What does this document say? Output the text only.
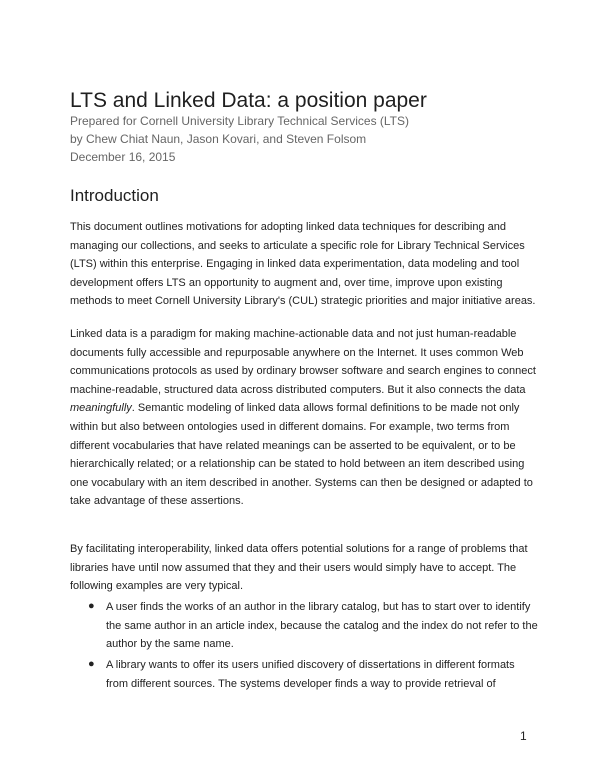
LTS and Linked Data: a position paper

Prepared for Cornell University Library Technical Services (LTS)

by Chew Chiat Naun, Jason Kovari, and Steven Folsom

December 16, 2015

Introduction
This document outlines motivations for adopting linked data techniques for describing and
managing our collections, and seeks to articulate a specific role for Library Technical Services
(LTS) within this enterprise. Engaging in linked data experimentation, data modeling and tool
development offers LTS an opportunity to augment and, over time, improve upon existing
methods to meet Cornell University Library's (CUL) strategic priorities and major initiative areas.
Linked data is a paradigm for making machine-actionable data and not just human-readable
documents fully accessible and repurposable anywhere on the Internet. It uses common Web
communications protocols as used by ordinary browser software and search engines to connect
machine-readable, structured data across distributed computers. But it also connects the data
meaningfully. Semantic modeling of linked data allows formal definitions to be made not only
within but also between ontologies used in different domains. For example, two terms from
different vocabularies that have related meanings can be asserted to be equivalent, or to be
hierarchically related; or a relationship can be stated to hold between an item described using
one vocabulary with an item described in another. Systems can then be designed or adapted to
take advantage of these assertions.
By facilitating interoperability, linked data offers potential solutions for a range of problems that
libraries have until now assumed that they and their users would simply have to accept. The
following examples are very typical.
● A user finds the works of an author in the library catalog, but has to start over to identify
the same author in an article index, because the catalog and the index do not refer to the
author by the same name.
● A library wants to offer its users unified discovery of dissertations in different formats
from different sources. The systems developer finds a way to provide retrieval of
1
